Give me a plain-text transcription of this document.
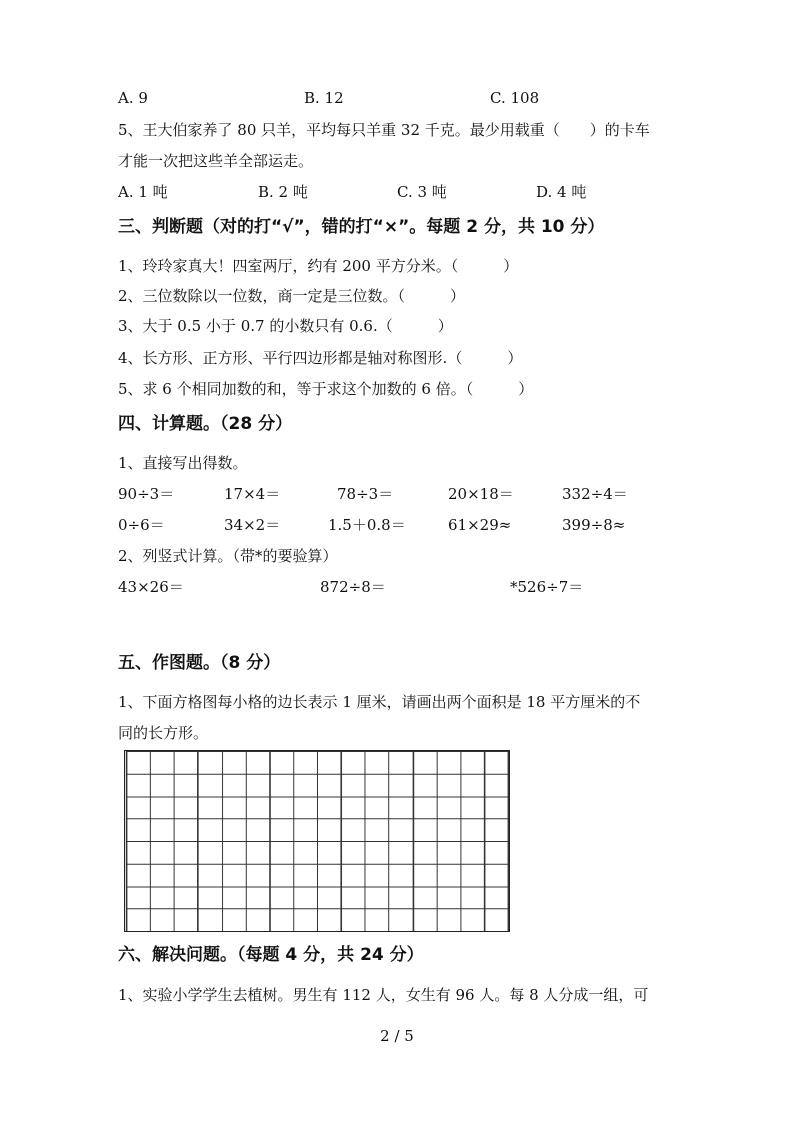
A. 9	B. 12	C. 108
5、王大伯家养了 80 只羊，平均每只羊重 32 千克。最少用载重（　　）的卡车
才能一次把这些羊全部运走。
A. 1 吨	B. 2 吨	C. 3 吨	D. 4 吨
三、判断题（对的打“√”，错的打“×”。每题 2 分，共 10 分）
1、玲玲家真大！四室两厅，约有 200 平方分米。（　　　）
2、三位数除以一位数，商一定是三位数。（　　　）
3、大于 0.5 小于 0.7 的小数只有 0.6.（　　　）
4、长方形、正方形、平行四边形都是轴对称图形.（　　　）
5、求 6 个相同加数的和，等于求这个加数的 6 倍。（　　　）
四、计算题。（28 分）
1、直接写出得数。
90÷3＝	17×4＝	78÷3＝	20×18＝	332÷4＝
0÷6＝	34×2＝	1.5＋0.8＝	61×29≈	399÷8≈
2、列竖式计算。（带*的要验算）
43×26＝	872÷8＝	*526÷7＝
五、作图题。（8 分）
1、下面方格图每小格的边长表示 1 厘米，请画出两个面积是 18 平方厘米的不
同的长方形。
六、解决问题。（每题 4 分，共 24 分）
1、实验小学学生去植树。男生有 112 人，女生有 96 人。每 8 人分成一组，可
2 / 5
